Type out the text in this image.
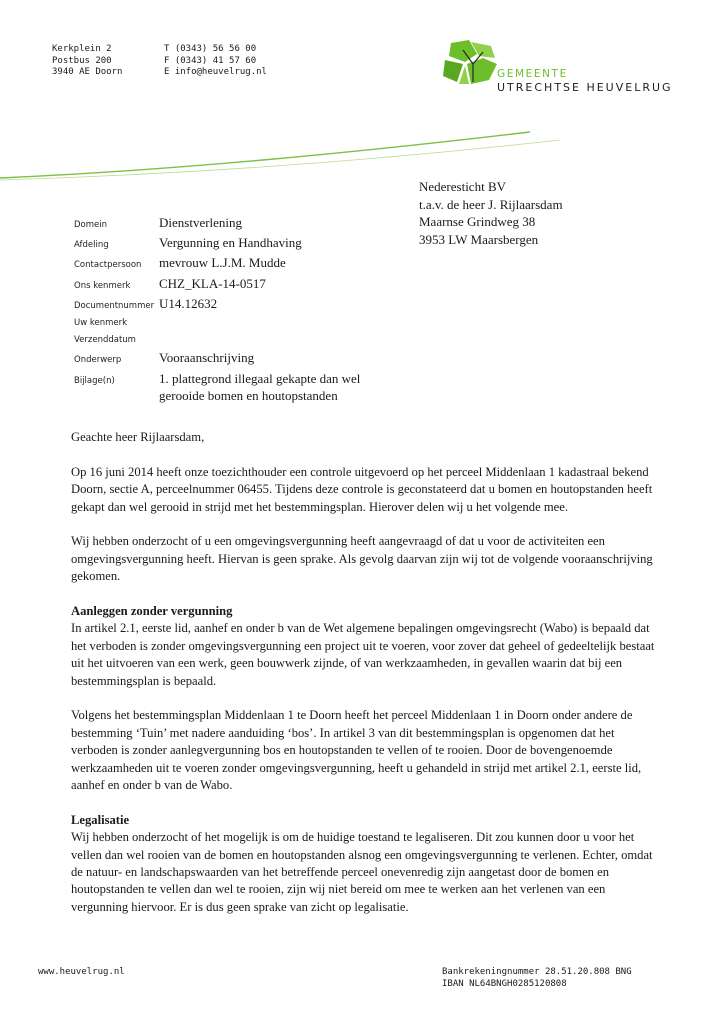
Kerkplein 2
Postbus 200
3940 AE Doorn
T (0343) 56 56 00
F (0343) 41 57 60
E info@heuvelrug.nl	GEMEENTE
UTRECHTSE HEUVELRUG
Nederesticht BV
t.a.v. de heer J. Rijlaarsdam
Maarnse Grindweg 38
3953 LW Maarsbergen
Domein	Dienstverlening
Afdeling	Vergunning en Handhaving
Contactpersoon	mevrouw L.J.M. Mudde
Ons kenmerk	CHZ_KLA-14-0517
Documentnummer U14.12632
Uw kenmerk
Verzenddatum
Onderwerp	Vooraanschrijving
Bijlage(n)	1. plattegrond illegaal gekapte dan wel gerooide bomen en houtopstanden

Geachte heer Rijlaarsdam,

Op 16 juni 2014 heeft onze toezichthouder een controle uitgevoerd op het perceel Middenlaan 1 kadastraal bekend Doorn, sectie A, perceelnummer 06455. Tijdens deze controle is geconstateerd dat u bomen en houtopstanden heeft gekapt dan wel gerooid in strijd met het bestemmingsplan. Hierover delen wij u het volgende mee.

Wij hebben onderzocht of u een omgevingsvergunning heeft aangevraagd of dat u voor de activiteiten een omgevingsvergunning heeft. Hiervan is geen sprake. Als gevolg daarvan zijn wij tot de volgende vooraanschrijving gekomen.

Aanleggen zonder vergunning

In artikel 2.1, eerste lid, aanhef en onder b van de Wet algemene bepalingen omgevingsrecht (Wabo) is bepaald dat het verboden is zonder omgevingsvergunning een project uit te voeren, voor zover dat geheel of gedeeltelijk bestaat uit het uitvoeren van een werk, geen bouwwerk zijnde, of van werkzaamheden, in gevallen waarin dat bij een bestemmingsplan is bepaald.

Volgens het bestemmingsplan Middenlaan 1 te Doorn heeft het perceel Middenlaan 1 in Doorn onder andere de bestemming ‘Tuin’ met nadere aanduiding ‘bos’. In artikel 3 van dit bestemmingsplan is opgenomen dat het verboden is zonder aanlegvergunning bos en houtopstanden te vellen of te rooien. Door de bovengenoemde werkzaamheden uit te voeren zonder omgevingsvergunning, heeft u gehandeld in strijd met artikel 2.1, eerste lid, aanhef en onder b van de Wabo.

Legalisatie

Wij hebben onderzocht of het mogelijk is om de huidige toestand te legaliseren. Dit zou kunnen door u voor het vellen dan wel rooien van de bomen en houtopstanden alsnog een omgevingsvergunning te verlenen. Echter, omdat de natuur- en landschapswaarden van het betreffende perceel onevenredig zijn aangetast door de bomen en houtopstanden te vellen dan wel te rooien, zijn wij niet bereid om mee te werken aan het verlenen van een vergunning hiervoor. Er is dus geen sprake van zicht op legalisatie.

www.heuvelrug.nl	Bankrekeningnummer 28.51.20.808 BNG
IBAN NL64BNGH0285120808
